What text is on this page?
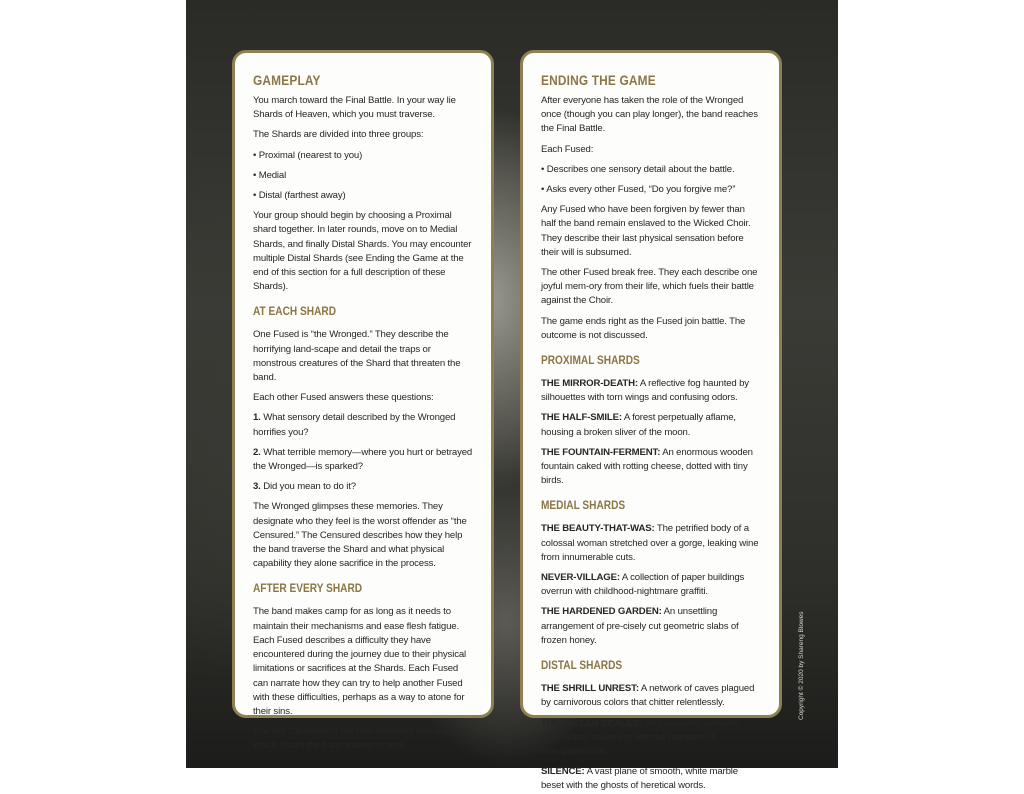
GAMEPLAY

You march toward the Final Battle. In your way lie Shards of Heaven, which you must traverse.

The Shards are divided into three groups:

• Proximal (nearest to you)

• Medial

• Distal (farthest away)

Your group should begin by choosing a Proximal shard together. In later rounds, move on to Medial Shards, and finally Distal Shards. You may encounter multiple Distal Shards (see Ending the Game at the end of this section for a full description of these Shards).

AT EACH SHARD

One Fused is “the Wronged.” They describe the horrifying land-scape and detail the traps or monstrous creatures of the Shard that threaten the band.

Each other Fused answers these questions:

1. What sensory detail described by the Wronged horrifies you?

2. What terrible memory—where you hurt or betrayed the Wronged—is sparked?

3. Did you mean to do it?

The Wronged glimpses these memories. They designate who they feel is the worst offender as “the Censured.” The Censured describes how they help the band traverse the Shard and what physical capability they alone sacrifice in the process.

AFTER EVERY SHARD

The band makes camp for as long as it needs to maintain their mechanisms and ease flesh fatigue. Each Fused describes a difficulty they have encountered during the journey due to their physical limitations or sacrifices at the Shards. Each Fused can narrate how they can try to help another Fused with these difficulties, perhaps as a way to atone for their sins.

The last Censured is the new Wronged and decides which Shard the band travels to next.

ENDING THE GAME

After everyone has taken the role of the Wronged once (though you can play longer), the band reaches the Final Battle.

Each Fused:

• Describes one sensory detail about the battle.

• Asks every other Fused, “Do you forgive me?”

Any Fused who have been forgiven by fewer than half the band remain enslaved to the Wicked Choir. They describe their last physical sensation before their will is subsumed.

The other Fused break free. They each describe one joyful mem-ory from their life, which fuels their battle against the Choir.

The game ends right as the Fused join battle. The outcome is not discussed.

PROXIMAL SHARDS

THE MIRROR-DEATH: A reflective fog haunted by silhouettes with torn wings and confusing odors.

THE HALF-SMILE: A forest perpetually aflame, housing a broken sliver of the moon.

THE FOUNTAIN-FERMENT: An enormous wooden fountain caked with rotting cheese, dotted with tiny birds.

MEDIAL SHARDS

THE BEAUTY-THAT-WAS: The petrified body of a colossal woman stretched over a gorge, leaking wine from innumerable cuts.

NEVER-VILLAGE: A collection of paper buildings overrun with childhood-nightmare graffiti.

THE HARDENED GARDEN: An unsettling arrangement of pre-cisely cut geometric slabs of frozen honey.

DISTAL SHARDS

THE SHRILL UNREST: A network of caves plagued by carnivorous colors that chitter relentlessly.

THE FALLEN SCALES: An impossibly complex mechanism shiver-ing with the whispers of unrequited love.

SILENCE: A vast plane of smooth, white marble beset with the ghosts of heretical words.

Copyright © 2020 by Shareng Blowes
